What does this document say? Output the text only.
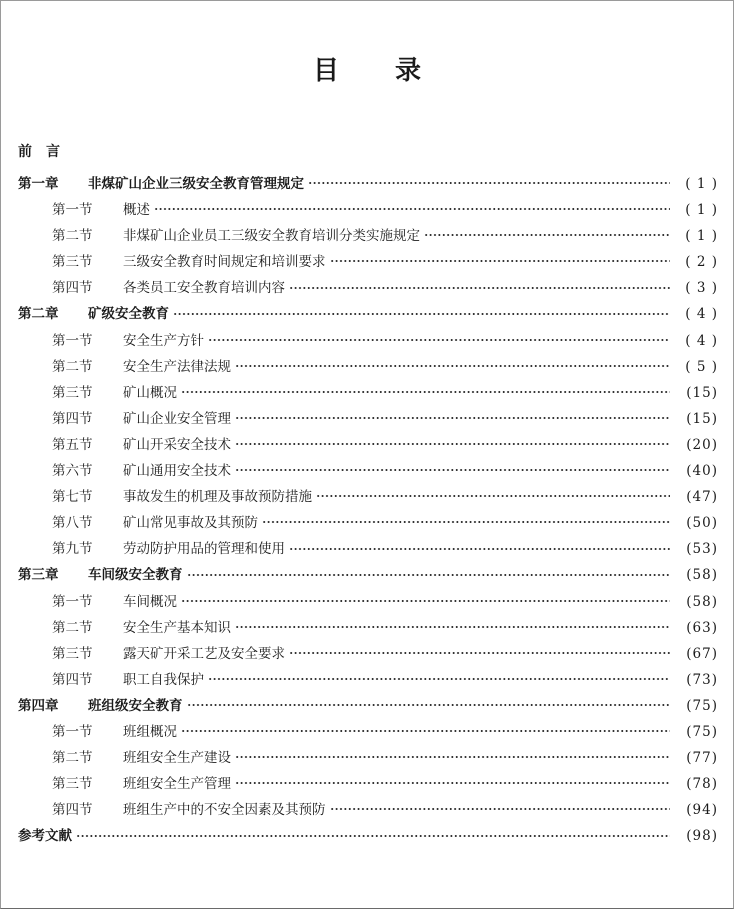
目 录
前 言
第一章	非煤矿山企业三级安全教育管理规定	( 1 )
第一节	概述	( 1 )
第二节	非煤矿山企业员工三级安全教育培训分类实施规定	( 1 )
第三节	三级安全教育时间规定和培训要求	( 2 )
第四节	各类员工安全教育培训内容	( 3 )
第二章	矿级安全教育	( 4 )
第一节	安全生产方针	( 4 )
第二节	安全生产法律法规	( 5 )
第三节	矿山概况	(15)
第四节	矿山企业安全管理	(15)
第五节	矿山开采安全技术	(20)
第六节	矿山通用安全技术	(40)
第七节	事故发生的机理及事故预防措施	(47)
第八节	矿山常见事故及其预防	(50)
第九节	劳动防护用品的管理和使用	(53)
第三章	车间级安全教育	(58)
第一节	车间概况	(58)
第二节	安全生产基本知识	(63)
第三节	露天矿开采工艺及安全要求	(67)
第四节	职工自我保护	(73)
第四章	班组级安全教育	(75)
第一节	班组概况	(75)
第二节	班组安全生产建设	(77)
第三节	班组安全生产管理	(78)
第四节	班组生产中的不安全因素及其预防	(94)
参考文献	(98)
